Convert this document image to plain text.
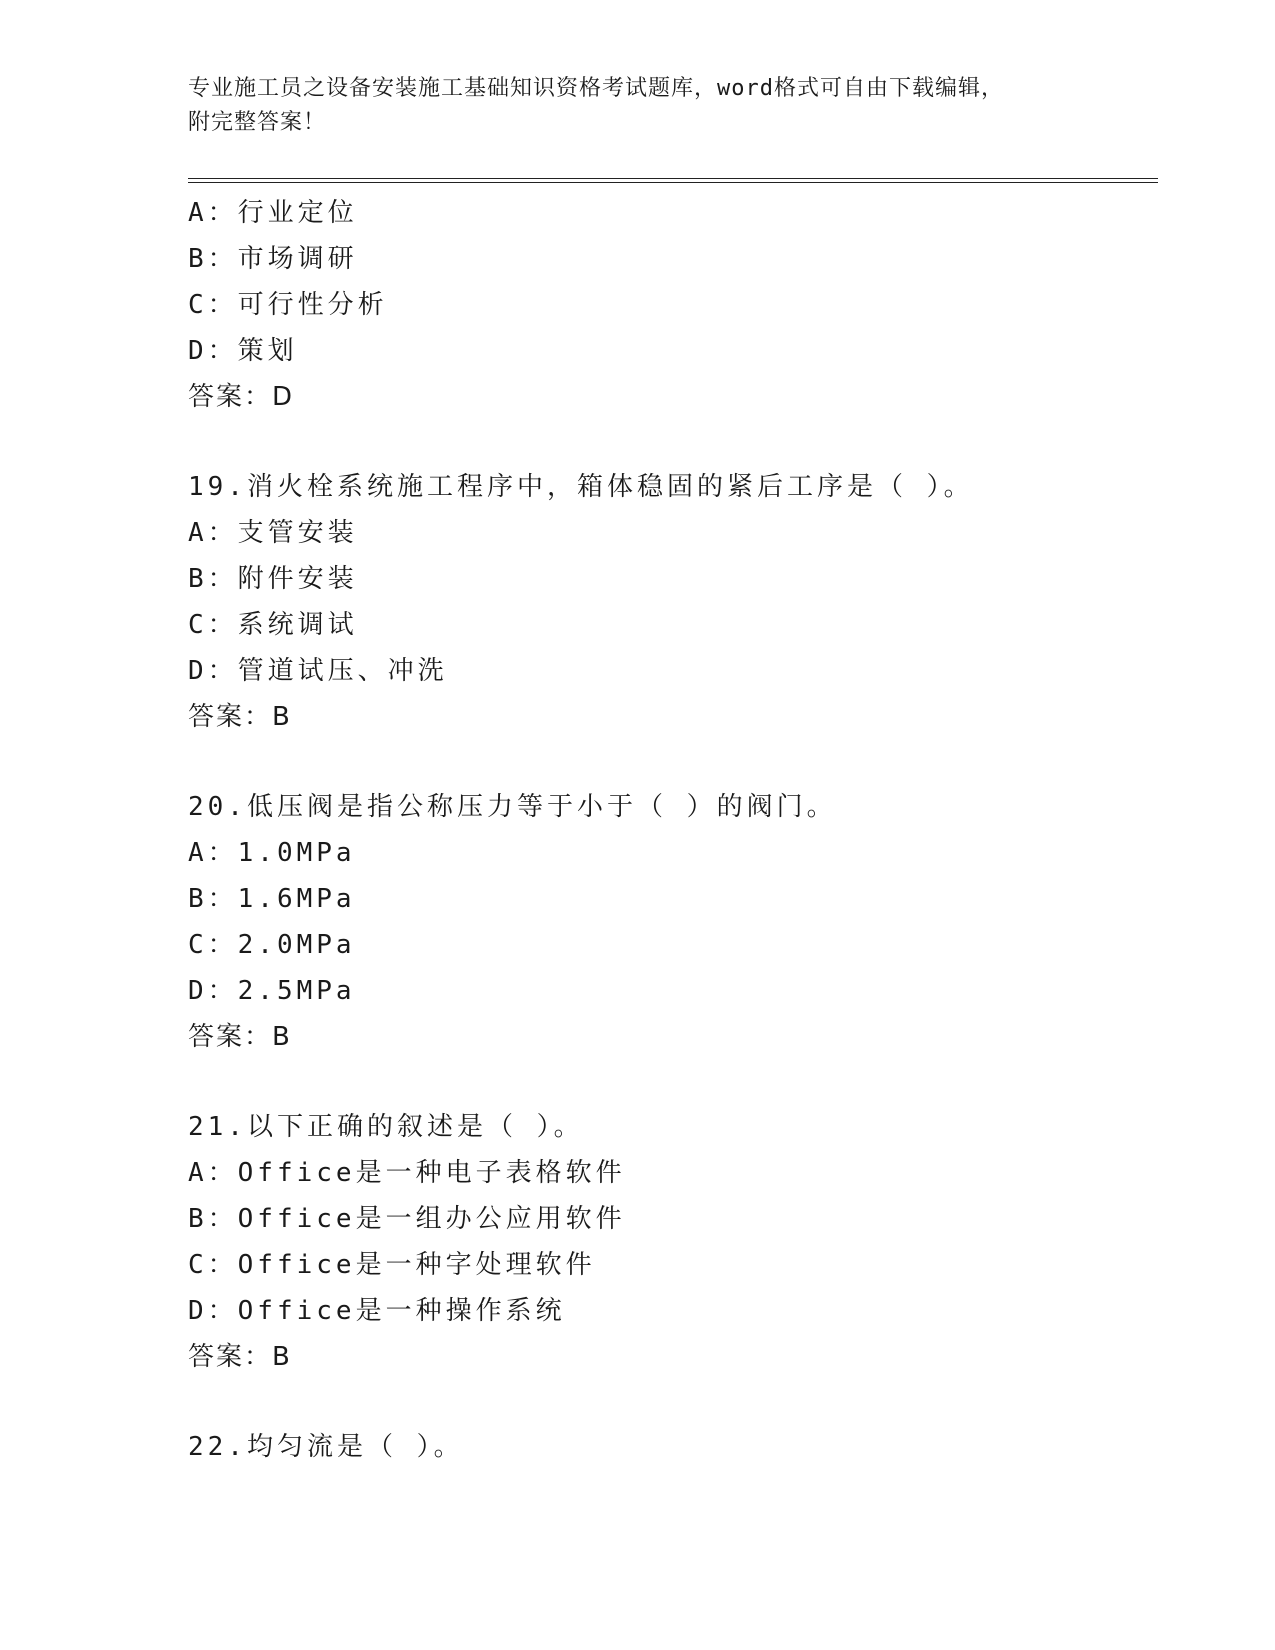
专业施工员之设备安装施工基础知识资格考试题库，word格式可自由下载编辑，
附完整答案！
A：行业定位
B：市场调研
C：可行性分析
D：策划
答案：D
19.消火栓系统施工程序中，箱体稳固的紧后工序是（ ）。
A：支管安装
B：附件安装
C：系统调试
D：管道试压、冲洗
答案：B
20.低压阀是指公称压力等于小于（ ）的阀门。
A：1.0MPa
B：1.6MPa
C：2.0MPa
D：2.5MPa
答案：B
21.以下正确的叙述是（ ）。
A：Office是一种电子表格软件
B：Office是一组办公应用软件
C：Office是一种字处理软件
D：Office是一种操作系统
答案：B
22.均匀流是（ ）。
